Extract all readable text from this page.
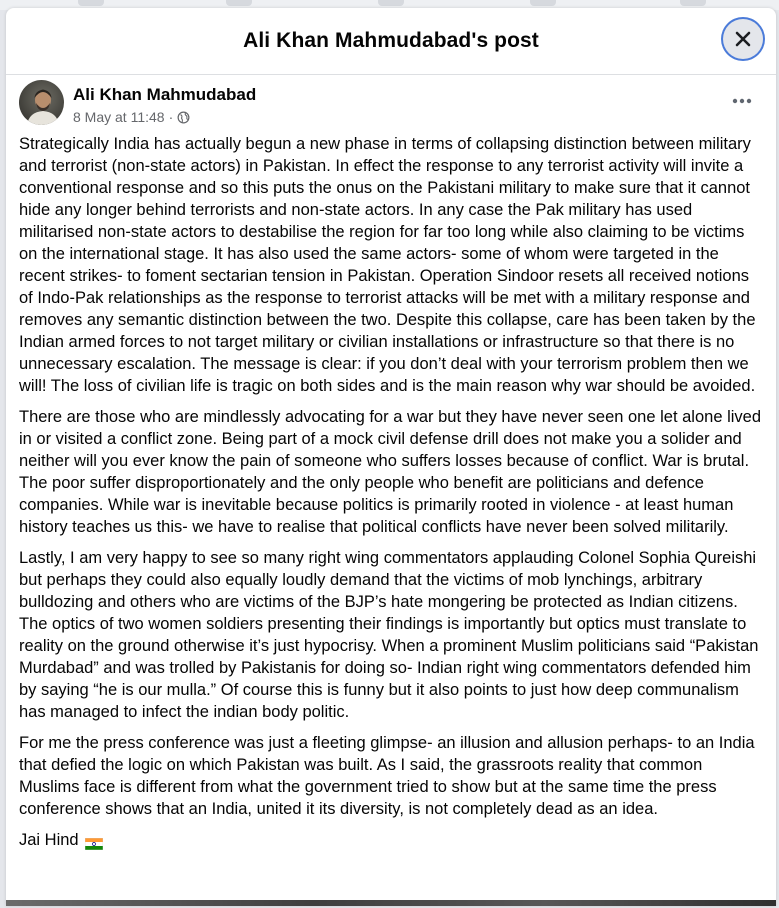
Ali Khan Mahmudabad's post
Ali Khan Mahmudabad
8 May at 11:48 ·

Strategically India has actually begun a new phase in terms of collapsing distinction between military and terrorist (non-state actors) in Pakistan. In effect the response to any terrorist activity will invite a conventional response and so this puts the onus on the Pakistani military to make sure that it cannot hide any longer behind terrorists and non-state actors. In any case the Pak military has used militarised non-state actors to destabilise the region for far too long while also claiming to be victims on the international stage. It has also used the same actors- some of whom were targeted in the recent strikes- to foment sectarian tension in Pakistan. Operation Sindoor resets all received notions of Indo-Pak relationships as the response to terrorist attacks will be met with a military response and removes any semantic distinction between the two. Despite this collapse, care has been taken by the Indian armed forces to not target military or civilian installations or infrastructure so that there is no unnecessary escalation. The message is clear: if you don’t deal with your terrorism problem then we will! The loss of civilian life is tragic on both sides and is the main reason why war should be avoided.

There are those who are mindlessly advocating for a war but they have never seen one let alone lived in or visited a conflict zone. Being part of a mock civil defense drill does not make you a solider and neither will you ever know the pain of someone who suffers losses because of conflict. War is brutal. The poor suffer disproportionately and the only people who benefit are politicians and defence companies. While war is inevitable because politics is primarily rooted in violence - at least human history teaches us this- we have to realise that political conflicts have never been solved militarily.

Lastly, I am very happy to see so many right wing commentators applauding Colonel Sophia Qureishi but perhaps they could also equally loudly demand that the victims of mob lynchings, arbitrary bulldozing and others who are victims of the BJP’s hate mongering be protected as Indian citizens. The optics of two women soldiers presenting their findings is importantly but optics must translate to reality on the ground otherwise it’s just hypocrisy. When a prominent Muslim politicians said “Pakistan Murdabad” and was trolled by Pakistanis for doing so- Indian right wing commentators defended him by saying “he is our mulla.” Of course this is funny but it also points to just how deep communalism has managed to infect the indian body politic.

For me the press conference was just a fleeting glimpse- an illusion and allusion perhaps- to an India that defied the logic on which Pakistan was built. As I said, the grassroots reality that common Muslims face is different from what the government tried to show but at the same time the press conference shows that an India, united it its diversity, is not completely dead as an idea.

Jai Hind
